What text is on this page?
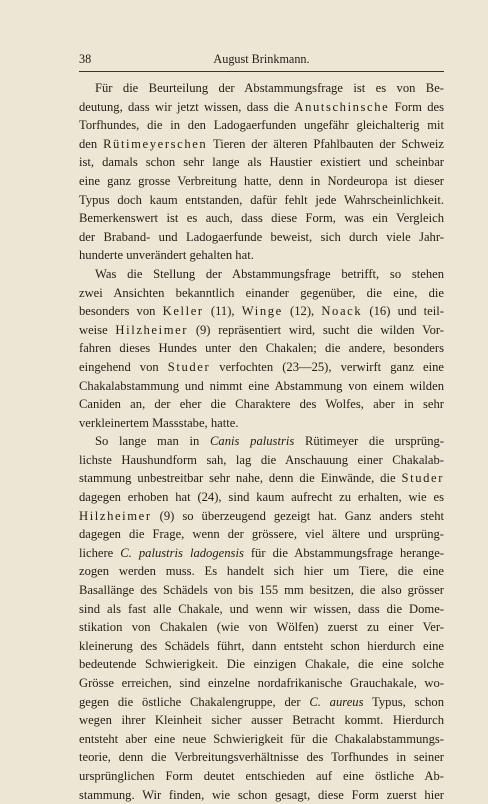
38	August Brinkmann.
Für die Beurteilung der Abstammungsfrage ist es von Be-
deutung, dass wir jetzt wissen, dass die Anutschinsche Form des
Torfhundes, die in den Ladogaerfunden ungefähr gleichalterig mit
den Rütimeyerschen Tieren der älteren Pfahlbauten der Schweiz
ist, damals schon sehr lange als Haustier existiert und scheinbar
eine ganz grosse Verbreitung hatte, denn in Nordeuropa ist dieser
Typus doch kaum entstanden, dafür fehlt jede Wahrscheinlichkeit.
Bemerkenswert ist es auch, dass diese Form, was ein Vergleich
der Braband- und Ladogaerfunde beweist, sich durch viele Jahr-
hunderte unverändert gehalten hat.
Was die Stellung der Abstammungsfrage betrifft, so stehen
zwei Ansichten bekanntlich einander gegenüber, die eine, die
besonders von Keller (11), Winge (12), Noack (16) und teil-
weise Hilzheimer (9) repräsentiert wird, sucht die wilden Vor-
fahren dieses Hundes unter den Chakalen; die andere, besonders
eingehend von Studer verfochten (23—25), verwirft ganz eine
Chakalabstammung und nimmt eine Abstammung von einem wilden
Caniden an, der eher die Charaktere des Wolfes, aber in sehr
verkleinertem Massstabe, hatte.
So lange man in Canis palustris Rütimeyer die ursprüng-
lichste Haushundform sah, lag die Anschauung einer Chakalab-
stammung unbestreitbar sehr nahe, denn die Einwände, die Studer
dagegen erhoben hat (24), sind kaum aufrecht zu erhalten, wie es
Hilzheimer (9) so überzeugend gezeigt hat. Ganz anders steht
dagegen die Frage, wenn der grössere, viel ältere und ursprüng-
lichere C. palustris ladogensis für die Abstammungsfrage herange-
zogen werden muss. Es handelt sich hier um Tiere, die eine
Basallänge des Schädels von bis 155 mm besitzen, die also grösser
sind als fast alle Chakale, und wenn wir wissen, dass die Dome-
stikation von Chakalen (wie von Wölfen) zuerst zu einer Ver-
kleinerung des Schädels führt, dann entsteht schon hierdurch eine
bedeutende Schwierigkeit. Die einzigen Chakale, die eine solche
Grösse erreichen, sind einzelne nordafrikanische Grauchakale, wo-
gegen die östliche Chakalengruppe, der C. aureus Typus, schon
wegen ihrer Kleinheit sicher ausser Betracht kommt. Hierdurch
entsteht aber eine neue Schwierigkeit für die Chakalabstammungs-
teorie, denn die Verbreitungsverhältnisse des Torfhundes in seiner
ursprünglichen Form deutet entschieden auf eine östliche Ab-
stammung. Wir finden, wie schon gesagt, diese Form zuerst hier
